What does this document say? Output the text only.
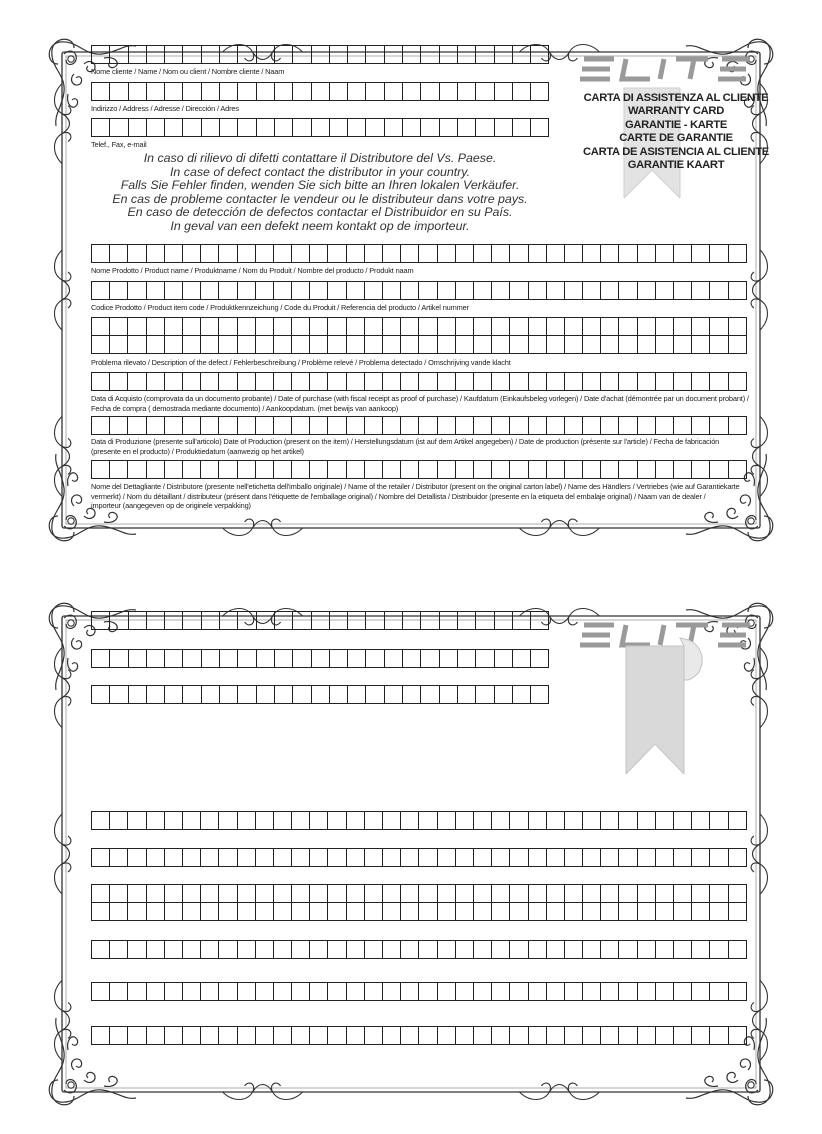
CARTA DI ASSISTENZA AL CLIENTE
WARRANTY CARD
GARANTIE - KARTE
CARTE DE GARANTIE
CARTA DE ASISTENCIA AL CLIENTE
GARANTIE KAART
Nome cliente / Name / Nom ou client / Nombre cliente / Naam
Indirizzo / Address / Adresse / Dirección / Adres
Telef., Fax, e-mail
In caso di rilievo di difetti contattare il Distributore del Vs. Paese.
In case of defect contact the distributor in your country.
Falls Sie Fehler finden, wenden Sie sich bitte an Ihren lokalen Verkäufer.
En cas de probleme contacter le vendeur ou le distributeur dans votre pays.
En caso de detección de defectos contactar el Distribuidor en su País.
In geval van een defekt neem kontakt op de importeur.
Nome Prodotto / Product name / Produktname / Nom du Produit / Nombre del producto / Produkt naam
Codice Prodotto / Product item code / Produktkennzeichung / Code du Produit / Referencia del producto / Artikel nummer
Problema rilevato / Description of the defect / Fehlerbeschreibung / Problème relevé / Problema detectado / Omschrijving vande klacht
Data di Acquisto (comprovata da un documento probante) / Date of purchase (with fiscal receipt as proof of purchase) / Kaufdatum (Einkaufsbeleg vorlegen) / Date d'achat (démontrée par un document probant) /
Fecha de compra ( demostrada mediante documento) / Aankoopdatum. (met bewijs van aankoop)
Data di Produzione (presente sull'articolo) Date of Production (present on the item) / Herstellungsdatum (ist auf dem Artikel angegeben) / Date de production (présente sur l'article) / Fecha de fabricación
(presente en el producto) / Produktiedatum (aanwezig op het artikel)
Nome del Dettagliante / Distributore (presente nell'etichetta dell'imballo originale) / Name of the retailer / Distributor (present on the original carton label) / Name des Händlers / Vertriebes (wie auf Garantiekarte
vermerkt) / Nom du détaillant / distributeur (présent dans l'étiquette de l'emballage original) / Nombre del Detallista / Distribuidor (presente en la etiqueta del embalaje original) / Naam van de dealer /
importeur (aangegeven op de originele verpakking)
